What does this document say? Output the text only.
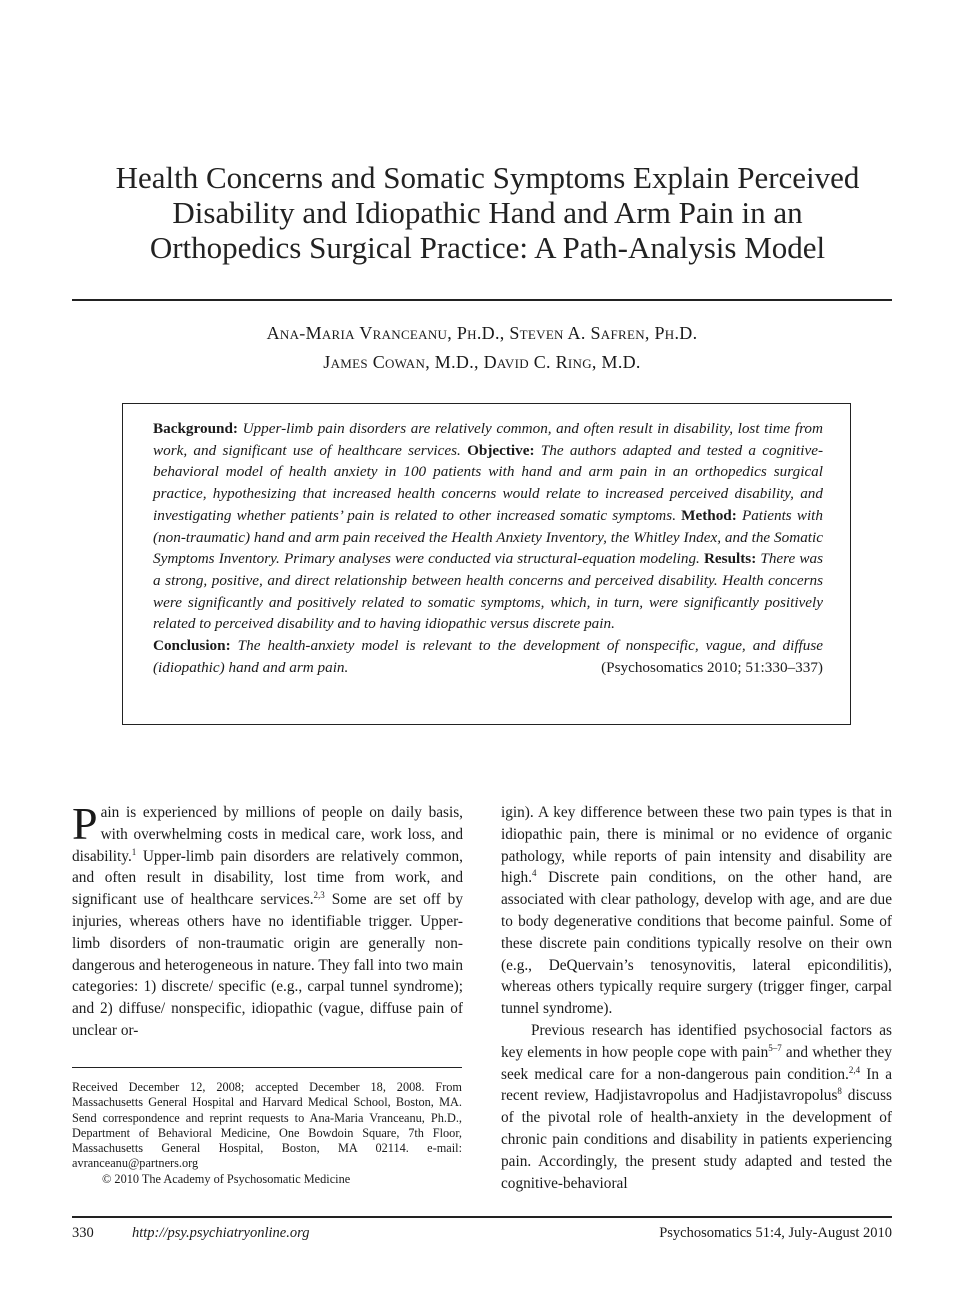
Health Concerns and Somatic Symptoms Explain Perceived
Disability and Idiopathic Hand and Arm Pain in an
Orthopedics Surgical Practice: A Path-Analysis Model
Ana-Maria Vranceanu, Ph.D., Steven A. Safren, Ph.D.
James Cowan, M.D., David C. Ring, M.D.

Background: Upper-limb pain disorders are relatively common, and often result in disability, lost time from work, and significant use of healthcare services. Objective: The authors adapted and tested a cognitive-behavioral model of health anxiety in 100 patients with hand and arm pain in an orthopedics surgical practice, hypothesizing that increased health concerns would relate to increased perceived disability, and investigating whether patients’ pain is related to other increased somatic symptoms. Method: Patients with (non-traumatic) hand and arm pain received the Health Anxiety Inventory, the Whitley Index, and the Somatic Symptoms Inventory. Primary analyses were conducted via structural-equation modeling. Results: There was a strong, positive, and direct relationship between health concerns and perceived disability. Health concerns were significantly and positively related to somatic symptoms, which, in turn, were significantly positively related to perceived disability and to having idiopathic versus discrete pain.
Conclusion: The health-anxiety model is relevant to the development of nonspecific, vague, and diffuse (idiopathic) hand and arm pain.	(Psychosomatics 2010; 51:330–337)

Pain is experienced by millions of people on daily basis, with overwhelming costs in medical care, work loss, and disability.$^1$ Upper-limb pain disorders are relatively common, and often result in disability, lost time from work, and significant use of healthcare services.$^{2,3}$ Some are set off by injuries, whereas others have no identifiable trigger. Upper-limb disorders of non-traumatic origin are generally non-dangerous and heterogeneous in nature. They fall into two main categories: 1) discrete/ specific (e.g., carpal tunnel syndrome); and 2) diffuse/ nonspecific, idiopathic (vague, diffuse pain of unclear or-

igin). A key difference between these two pain types is that in idiopathic pain, there is minimal or no evidence of organic pathology, while reports of pain intensity and disability are high.$^4$ Discrete pain conditions, on the other hand, are associated with clear pathology, develop with age, and are due to body degenerative conditions that become painful. Some of these discrete pain conditions typically resolve on their own (e.g., DeQuervain’s tenosynovitis, lateral epicondilitis), whereas others typically require surgery (trigger finger, carpal tunnel syndrome).

Previous research has identified psychosocial factors as key elements in how people cope with pain$^{5-7}$ and whether they seek medical care for a non-dangerous pain condition.$^{2,4}$ In a recent review, Hadjistavropolus and Hadjistavropolus$^8$ discuss of the pivotal role of health-anxiety in the development of chronic pain conditions and disability in patients experiencing pain. Accordingly, the present study adapted and tested the cognitive-behavioral

Received December 12, 2008; accepted December 18, 2008. From Massachusetts General Hospital and Harvard Medical School, Boston, MA. Send correspondence and reprint requests to Ana-Maria Vranceanu, Ph.D., Department of Behavioral Medicine, One Bowdoin Square, 7th Floor, Massachusetts General Hospital, Boston, MA 02114. e-mail: avranceanu@partners.org

© 2010 The Academy of Psychosomatic Medicine

330	http://psy.psychiatryonline.org	Psychosomatics 51:4, July-August 2010
